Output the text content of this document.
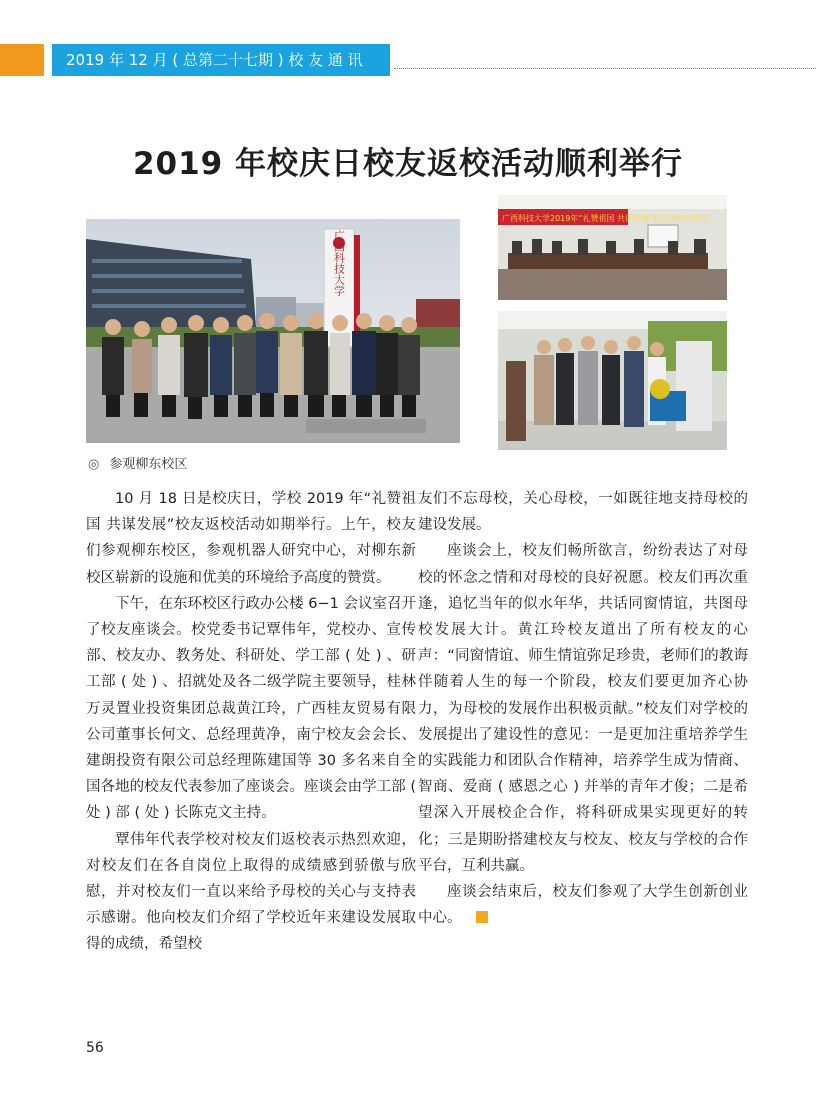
2019 年 12 月 ( 总第二十七期 ) 校 友 通 讯
2019 年校庆日校友返校活动顺利举行
广西科技大学
广西科技大学2019年“礼赞祖国 共谋发展”校友返校座谈会
◎ 参观柳东校区

10 月 18 日是校庆日，学校 2019 年“礼赞祖国 共谋发展”校友返校活动如期举行。上午，校友们参观柳东校区，参观机器人研究中心，对柳东新校区崭新的设施和优美的环境给予高度的赞赏。

下午，在东环校区行政办公楼 6−1 会议室召开了校友座谈会。校党委书记覃伟年，党校办、宣传部、校友办、教务处、科研处、学工部 ( 处 ) 、研工部 ( 处 ) 、招就处及各二级学院主要领导，桂林万灵置业投资集团总裁黄江玲，广西桂友贸易有限公司董事长何文、总经理黄净，南宁校友会会长、建朗投资有限公司总经理陈建国等 30 多名来自全国各地的校友代表参加了座谈会。座谈会由学工部 ( 处 ) 部 ( 处 ) 长陈克文主持。

覃伟年代表学校对校友们返校表示热烈欢迎，对校友们在各自岗位上取得的成绩感到骄傲与欣慰，并对校友们一直以来给予母校的关心与支持表示感谢。他向校友们介绍了学校近年来建设发展取得的成绩，希望校

友们不忘母校，关心母校，一如既往地支持母校的建设发展。

座谈会上，校友们畅所欲言，纷纷表达了对母校的怀念之情和对母校的良好祝愿。校友们再次重逢，追忆当年的似水年华，共话同窗情谊，共图母校发展大计。黄江玲校友道出了所有校友的心声：“同窗情谊、师生情谊弥足珍贵，老师们的教诲伴随着人生的每一个阶段，校友们要更加齐心协力，为母校的发展作出积极贡献。”校友们对学校的发展提出了建设性的意见：一是更加注重培养学生的实践能力和团队合作精神，培养学生成为情商、智商、爱商 ( 感恩之心 ) 并举的青年才俊；二是希望深入开展校企合作，将科研成果实现更好的转化；三是期盼搭建校友与校友、校友与学校的合作平台，互利共赢。

座谈会结束后，校友们参观了大学生创新创业中心。

56
